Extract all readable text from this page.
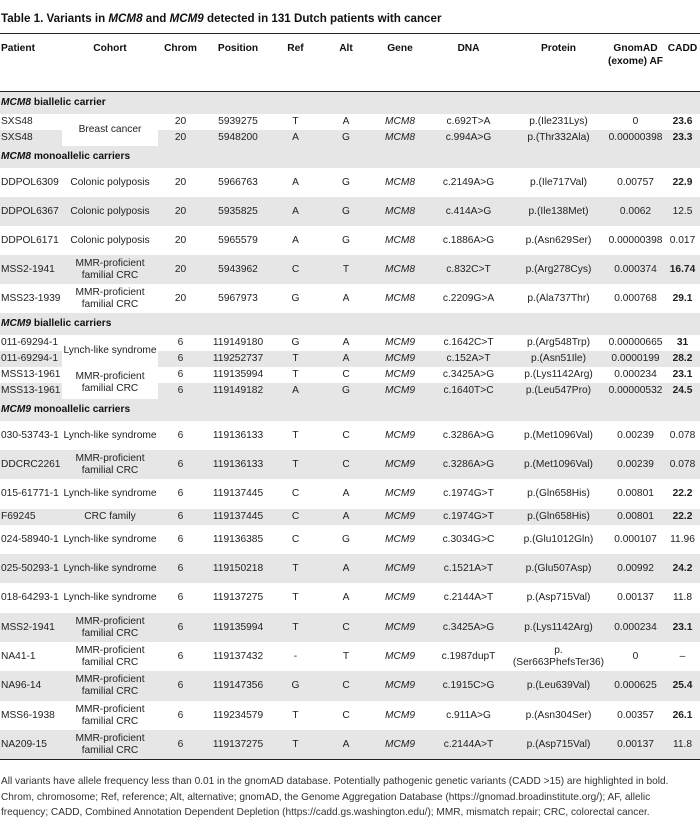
Table 1. Variants in MCM8 and MCM9 detected in 131 Dutch patients with cancer
Patient	Cohort	Chrom	Position	Ref	Alt	Gene	DNA	Protein	GnomAD (exome) AF	CADD
MCM8 biallelic carrier										
SXS48	Breast cancer	20	5939275	T	A	MCM8	c.692T>A	p.(Ile231Lys)	0	23.6
SXS48		20	5948200	A	G	MCM8	c.994A>G	p.(Thr332Ala)	0.00000398	23.3
MCM8 monoallelic carriers										
DDPOL6309	Colonic polyposis	20	5966763	A	G	MCM8	c.2149A>G	p.(Ile717Val)	0.00757	22.9
DDPOL6367	Colonic polyposis	20	5935825	A	G	MCM8	c.414A>G	p.(Ile138Met)	0.0062	12.5
DDPOL6171	Colonic polyposis	20	5965579	A	G	MCM8	c.1886A>G	p.(Asn629Ser)	0.00000398	0.017
MSS2-1941	MMR-proficient familial CRC	20	5943962	C	T	MCM8	c.832C>T	p.(Arg278Cys)	0.000374	16.74
MSS23-1939	MMR-proficient familial CRC	20	5967973	G	A	MCM8	c.2209G>A	p.(Ala737Thr)	0.000768	29.1
MCM9 biallelic carriers										
011-69294-1	Lynch-like syndrome	6	119149180	G	A	MCM9	c.1642C>T	p.(Arg548Trp)	0.00000665	31
011-69294-1		6	119252737	T	A	MCM9	c.152A>T	p.(Asn51Ile)	0.0000199	28.2
MSS13-1961	MMR-proficient familial CRC	6	119135994	T	C	MCM9	c.3425A>G	p.(Lys1142Arg)	0.000234	23.1
MSS13-1961		6	119149182	A	G	MCM9	c.1640T>C	p.(Leu547Pro)	0.00000532	24.5
MCM9 monoallelic carriers										
030-53743-1	Lynch-like syndrome	6	119136133	T	C	MCM9	c.3286A>G	p.(Met1096Val)	0.00239	0.078
DDCRC2261	MMR-proficient familial CRC	6	119136133	T	C	MCM9	c.3286A>G	p.(Met1096Val)	0.00239	0.078
015-61771-1	Lynch-like syndrome	6	119137445	C	A	MCM9	c.1974G>T	p.(Gln658His)	0.00801	22.2
F69245	CRC family	6	119137445	C	A	MCM9	c.1974G>T	p.(Gln658His)	0.00801	22.2
024-58940-1	Lynch-like syndrome	6	119136385	C	G	MCM9	c.3034G>C	p.(Glu1012Gln)	0.000107	11.96
025-50293-1	Lynch-like syndrome	6	119150218	T	A	MCM9	c.1521A>T	p.(Glu507Asp)	0.00992	24.2
018-64293-1	Lynch-like syndrome	6	119137275	T	A	MCM9	c.2144A>T	p.(Asp715Val)	0.00137	11.8
MSS2-1941	MMR-proficient familial CRC	6	119135994	T	C	MCM9	c.3425A>G	p.(Lys1142Arg)	0.000234	23.1
NA41-1	MMR-proficient familial CRC	6	119137432	-	T	MCM9	c.1987dupT	p.(Ser663PhefsTer36)	0	–
NA96-14	MMR-proficient familial CRC	6	119147356	G	C	MCM9	c.1915C>G	p.(Leu639Val)	0.000625	25.4
MSS6-1938	MMR-proficient familial CRC	6	119234579	T	C	MCM9	c.911A>G	p.(Asn304Ser)	0.00357	26.1
NA209-15	MMR-proficient familial CRC	6	119137275	T	A	MCM9	c.2144A>T	p.(Asp715Val)	0.00137	11.8
All variants have allele frequency less than 0.01 in the gnomAD database. Potentially pathogenic genetic variants (CADD >15) are highlighted in bold. Chrom, chromosome; Ref, reference; Alt, alternative; gnomAD, the Genome Aggregation Database (https://gnomad.broadinstitute.org/); AF, allelic frequency; CADD, Combined Annotation Dependent Depletion (https://cadd.gs.washington.edu/); MMR, mismatch repair; CRC, colorectal cancer.
